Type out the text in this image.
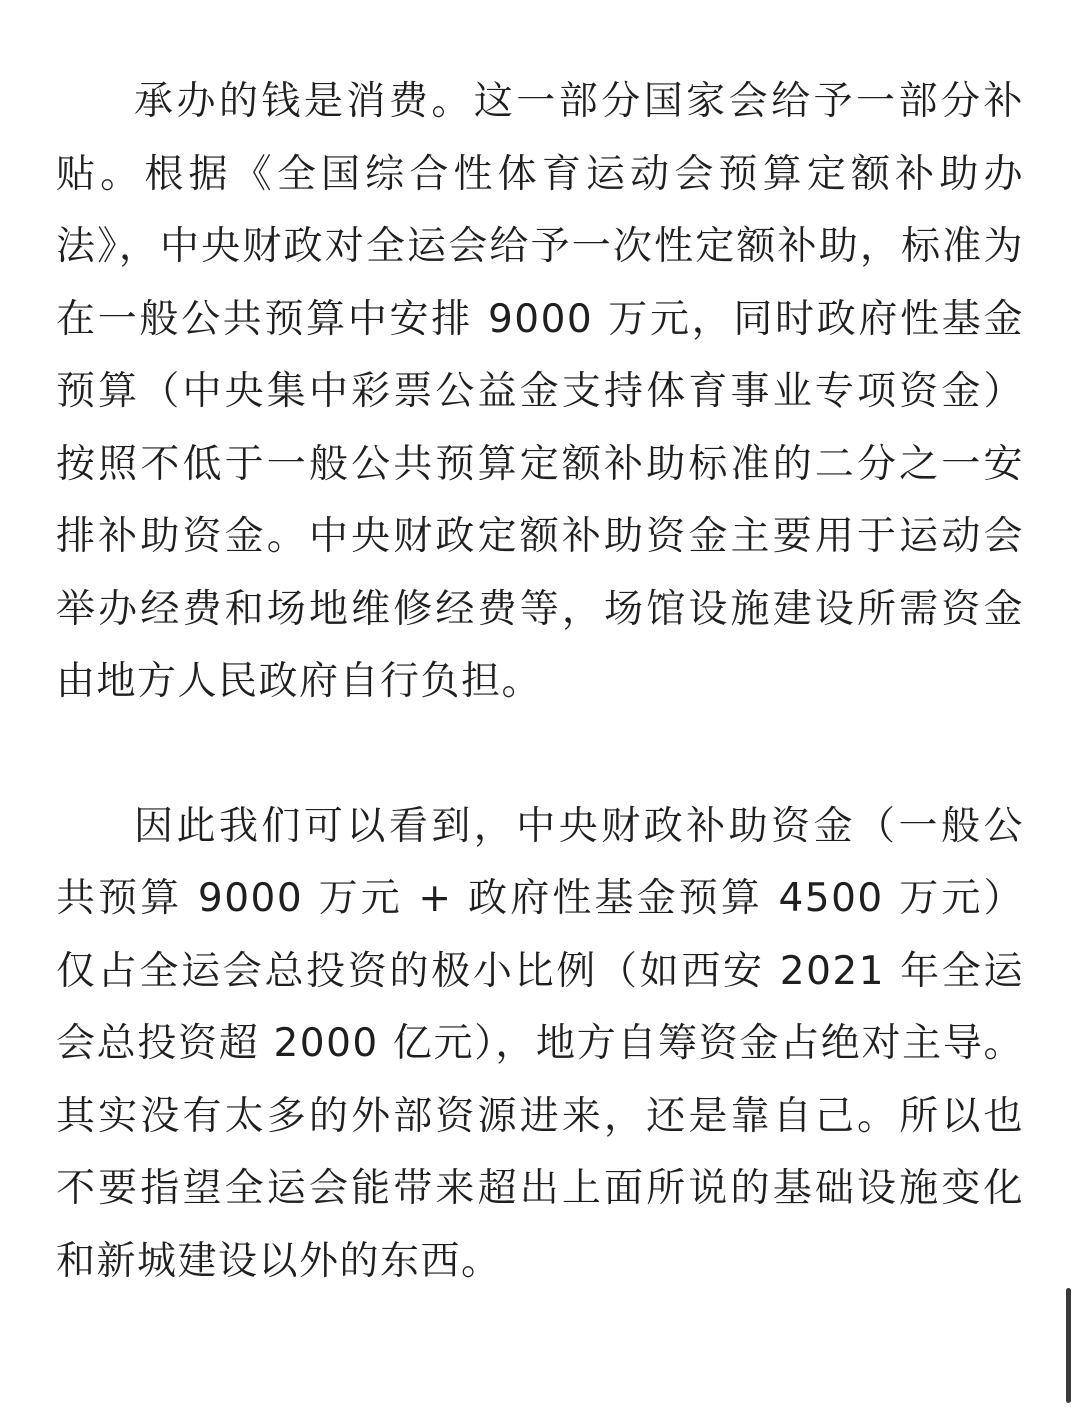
承办的钱是消费。这一部分国家会给予一部分补贴。根据《全国综合性体育运动会预算定额补助办法》，中央财政对全运会给予一次性定额补助，标准为在一般公共预算中安排 9000 万元，同时政府性基金预算（中央集中彩票公益金支持体育事业专项资金）按照不低于一般公共预算定额补助标准的二分之一安排补助资金。中央财政定额补助资金主要用于运动会举办经费和场地维修经费等，场馆设施建设所需资金由地方人民政府自行负担。

因此我们可以看到，中央财政补助资金（一般公共预算 9000 万元 + 政府性基金预算 4500 万元）仅占全运会总投资的极小比例（如西安 2021 年全运会总投资超 2000 亿元），地方自筹资金占绝对主导。其实没有太多的外部资源进来，还是靠自己。所以也不要指望全运会能带来超出上面所说的基础设施变化和新城建设以外的东西。
